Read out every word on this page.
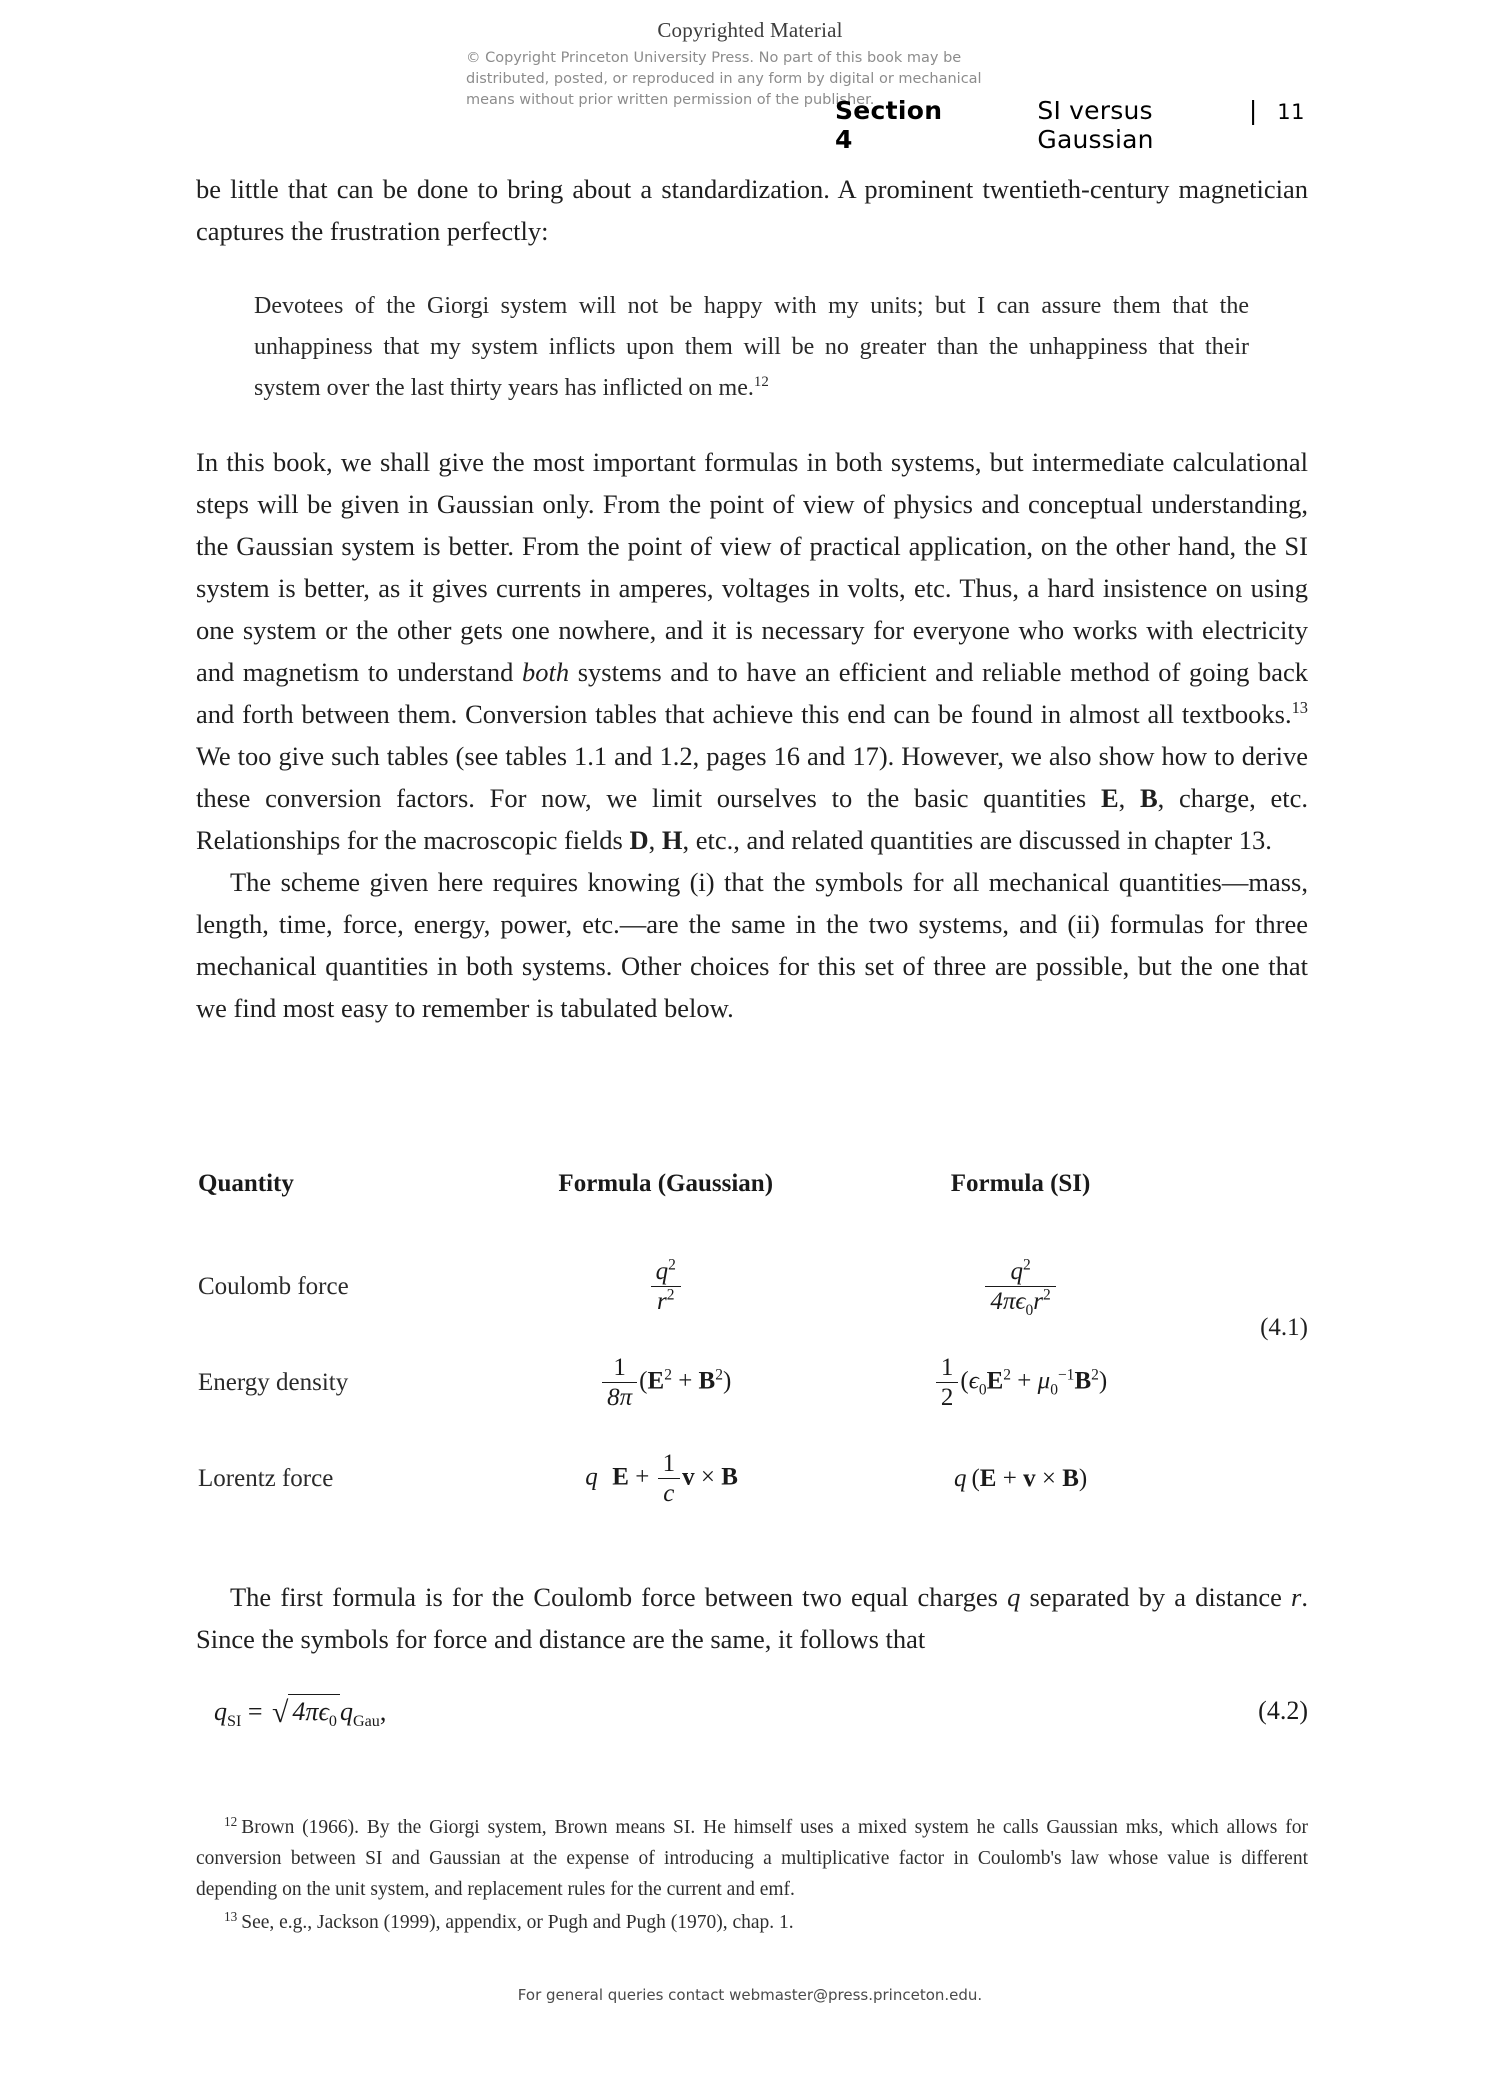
Copyrighted Material
© Copyright Princeton University Press. No part of this book may be
distributed, posted, or reproduced in any form by digital or mechanical
means without prior written permission of the publisher.
Section 4
SI versus Gaussian
| 11

be little that can be done to bring about a standardization. A prominent twentieth-century magnetician captures the frustration perfectly:

Devotees of the Giorgi system will not be happy with my units; but I can assure them that the unhappiness that my system inflicts upon them will be no greater than the unhappiness that their system over the last thirty years has inflicted on me.$^{12}$

In this book, we shall give the most important formulas in both systems, but intermediate calculational steps will be given in Gaussian only. From the point of view of physics and conceptual understanding, the Gaussian system is better. From the point of view of practical application, on the other hand, the SI system is better, as it gives currents in amperes, voltages in volts, etc. Thus, a hard insistence on using one system or the other gets one nowhere, and it is necessary for everyone who works with electricity and magnetism to understand both systems and to have an efficient and reliable method of going back and forth between them. Conversion tables that achieve this end can be found in almost all textbooks.$^{13}$ We too give such tables (see tables 1.1 and 1.2, pages 16 and 17). However, we also show how to derive these conversion factors. For now, we limit ourselves to the basic quantities E, B, charge, etc. Relationships for the macroscopic fields D, H, etc., and related quantities are discussed in chapter 13.

The scheme given here requires knowing (i) that the symbols for all mechanical quantities—mass, length, time, force, energy, power, etc.—are the same in the two systems, and (ii) formulas for three mechanical quantities in both systems. Other choices for this set of three are possible, but the one that we find most easy to remember is tabulated below.

Quantity	Formula (Gaussian)	Formula (SI)
Coulomb force	$\frac{q^2}{r^2}$	$\frac{q^2}{4\pi\epsilon_0r^2}$

Energy density	$\frac{1}{8\pi} (E^2 + B^2)$	$\frac{1}{2} (\epsilon_0E^2 + \mu_0^{-1}B^2)$
Lorentz force	q( $E + \frac{1}{c}$ v × B)	q  (E + v × B)
(4.1)

The first formula is for the Coulomb force between two equal charges q separated by a distance r. Since the symbols for force and distance are the same, it follows that

$q_{SI}$ = √ $4\pi\epsilon_0$ $q_{Gau}$,	(4.2)

$^{12}$ Brown (1966). By the Giorgi system, Brown means SI. He himself uses a mixed system he calls Gaussian mks, which allows for conversion between SI and Gaussian at the expense of introducing a multiplicative factor in Coulomb's law whose value is different depending on the unit system, and replacement rules for the current and emf.

$^{13}$ See, e.g., Jackson (1999), appendix, or Pugh and Pugh (1970), chap. 1.

For general queries contact webmaster@press.princeton.edu.
